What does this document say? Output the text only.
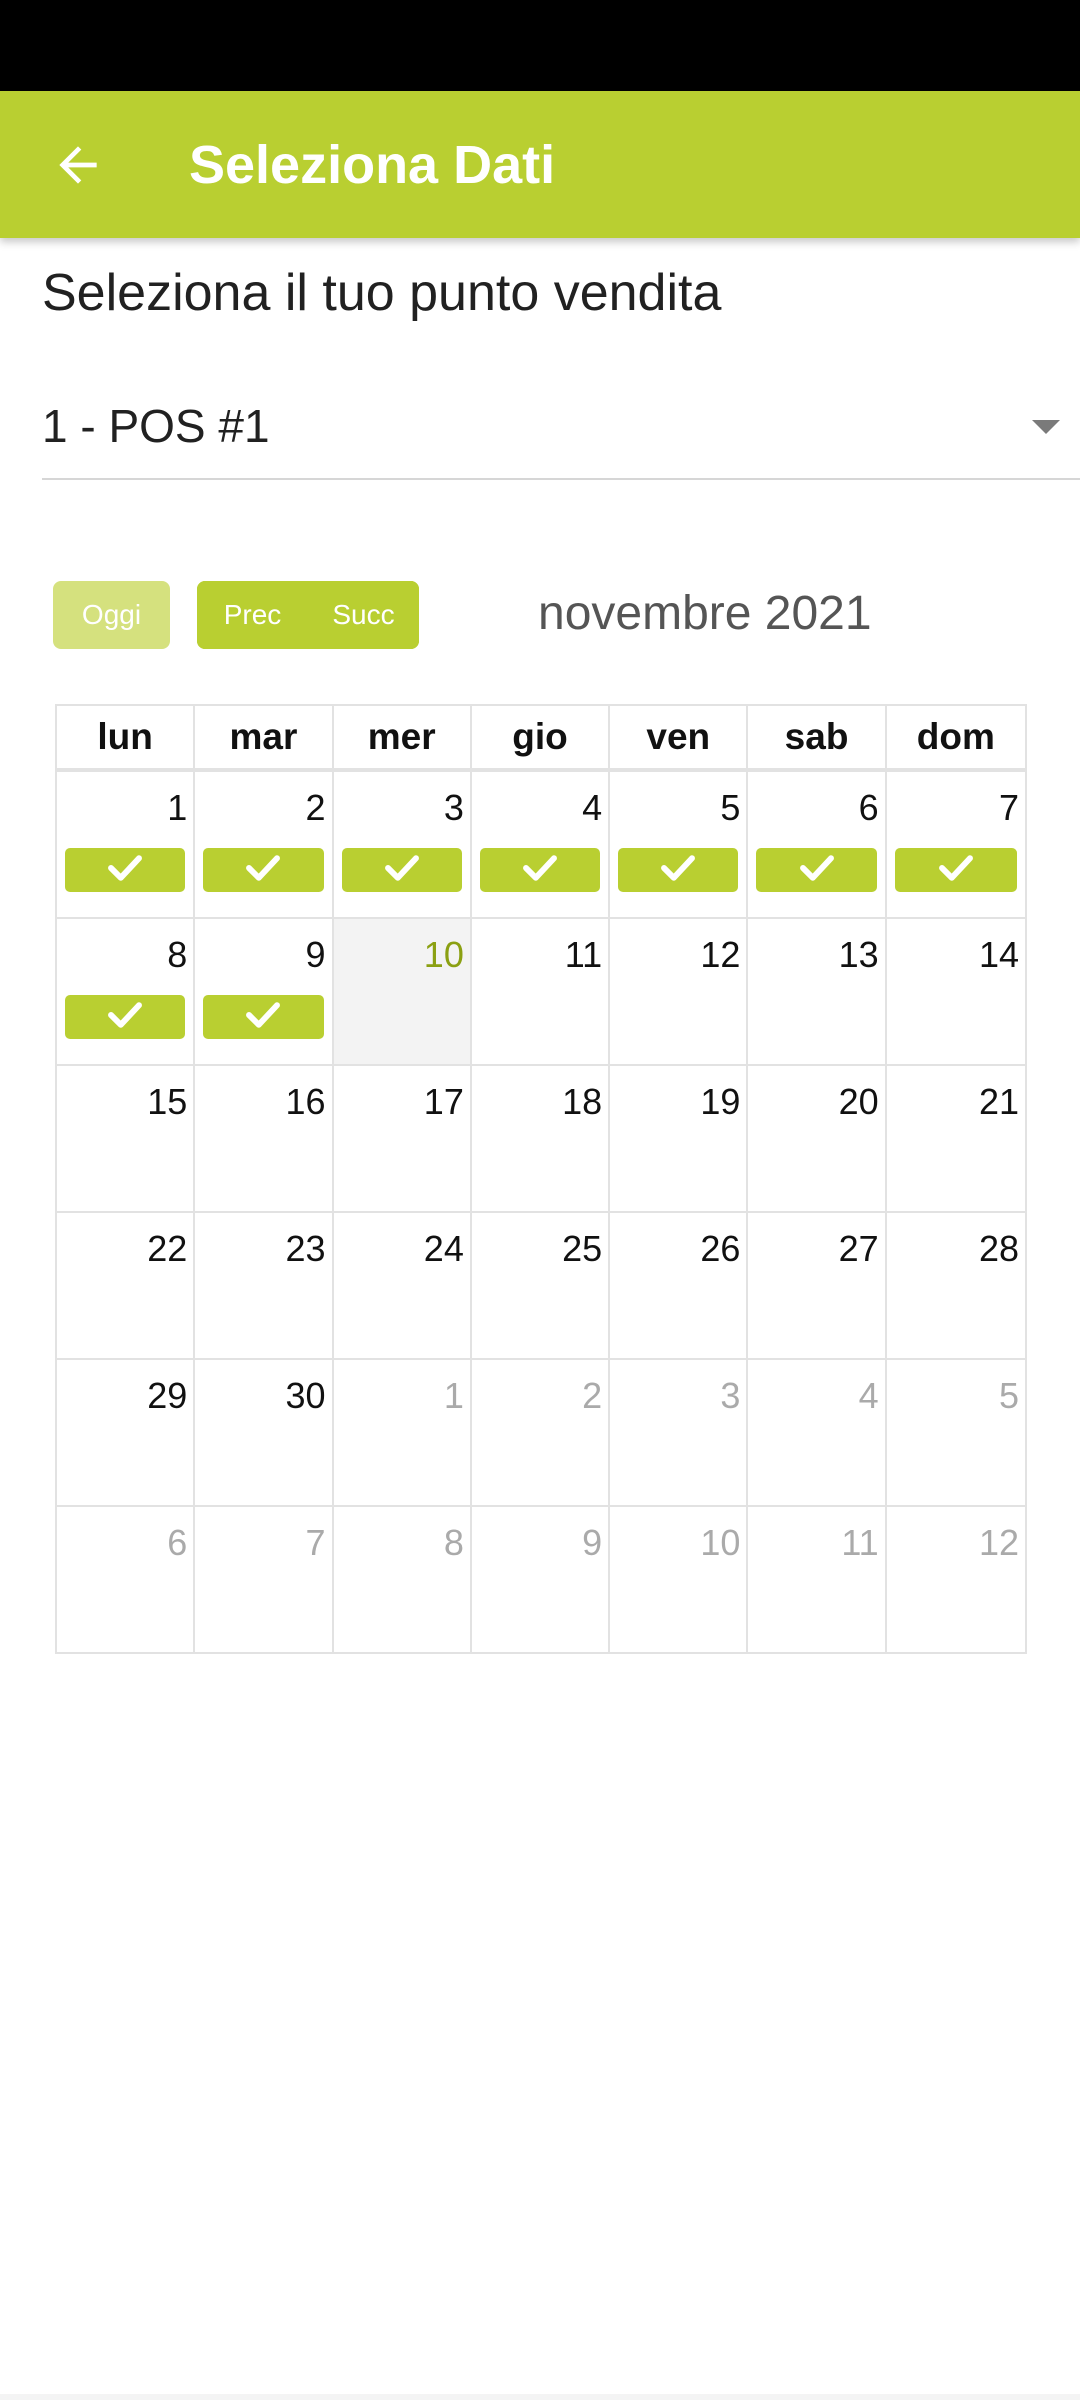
Seleziona Dati
Seleziona il tuo punto vendita
1 - POS #1
Oggi	Prec	Succ	novembre 2021
lun	mar	mer	gio	ven	sab	dom
1	2	3	4	5	6	7
8	9	10	11	12	13	14
15	16	17	18	19	20	21
22	23	24	25	26	27	28
29	30	1	2	3	4	5
6	7	8	9	10	11	12
